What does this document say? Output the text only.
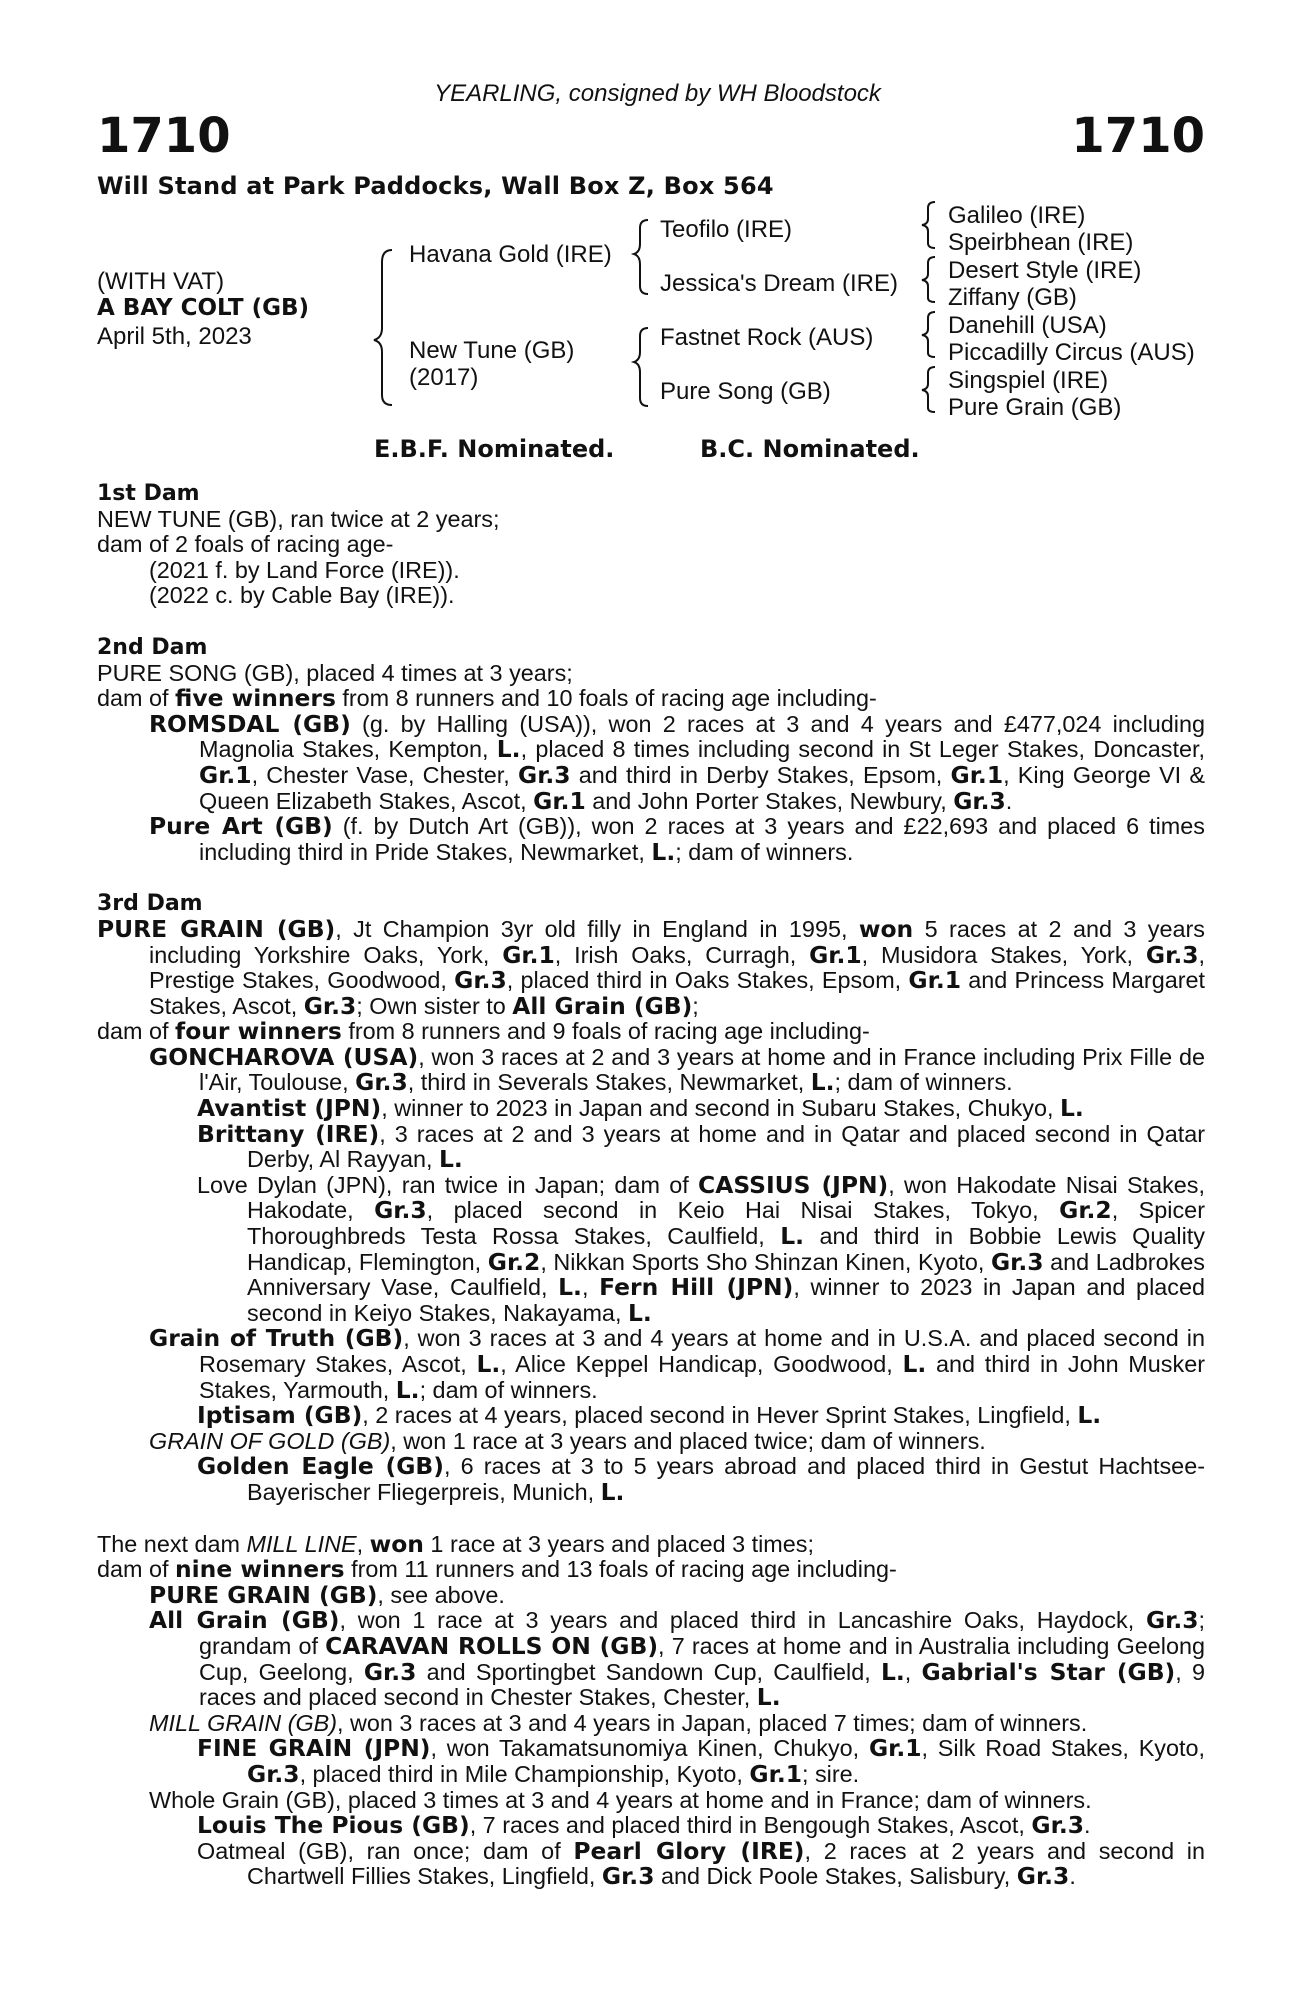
YEARLING, consigned by WH Bloodstock
1710	1710
Will Stand at Park Paddocks, Wall Box Z, Box 564
(WITH VAT)
A BAY COLT (GB)
April 5th, 2023
Havana Gold (IRE)
New Tune (GB)
(2017)
Teofilo (IRE)
Jessica's Dream (IRE)
Fastnet Rock (AUS)
Pure Song (GB)
Galileo (IRE)
Speirbhean (IRE)
Desert Style (IRE)
Ziffany (GB)
Danehill (USA)
Piccadilly Circus (AUS)
Singspiel (IRE)
Pure Grain (GB)
E.B.F. Nominated.	B.C. Nominated.
1st Dam
NEW TUNE (GB), ran twice at 2 years;
dam of 2 foals of racing age-
(2021 f. by Land Force (IRE)).
(2022 c. by Cable Bay (IRE)).
2nd Dam
PURE SONG (GB), placed 4 times at 3 years;
dam of five winners from 8 runners and 10 foals of racing age including-
ROMSDAL (GB) (g. by Halling (USA)), won 2 races at 3 and 4 years and £477,024 including Magnolia Stakes, Kempton, L., placed 8 times including second in St Leger Stakes, Doncaster, Gr.1, Chester Vase, Chester, Gr.3 and third in Derby Stakes, Epsom, Gr.1, King George VI & Queen Elizabeth Stakes, Ascot, Gr.1 and John Porter Stakes, Newbury, Gr.3.
Pure Art (GB) (f. by Dutch Art (GB)), won 2 races at 3 years and £22,693 and placed 6 times including third in Pride Stakes, Newmarket, L.; dam of winners.
3rd Dam
PURE GRAIN (GB), Jt Champion 3yr old filly in England in 1995, won 5 races at 2 and 3 years including Yorkshire Oaks, York, Gr.1, Irish Oaks, Curragh, Gr.1, Musidora Stakes, York, Gr.3, Prestige Stakes, Goodwood, Gr.3, placed third in Oaks Stakes, Epsom, Gr.1 and Princess Margaret Stakes, Ascot, Gr.3; Own sister to All Grain (GB);
dam of four winners from 8 runners and 9 foals of racing age including-
GONCHAROVA (USA), won 3 races at 2 and 3 years at home and in France including Prix Fille de l'Air, Toulouse, Gr.3, third in Severals Stakes, Newmarket, L.; dam of winners.
Avantist (JPN), winner to 2023 in Japan and second in Subaru Stakes, Chukyo, L.
Brittany (IRE), 3 races at 2 and 3 years at home and in Qatar and placed second in Qatar Derby, Al Rayyan, L.
Love Dylan (JPN), ran twice in Japan; dam of CASSIUS (JPN), won Hakodate Nisai Stakes, Hakodate, Gr.3, placed second in Keio Hai Nisai Stakes, Tokyo, Gr.2, Spicer Thoroughbreds Testa Rossa Stakes, Caulfield, L. and third in Bobbie Lewis Quality Handicap, Flemington, Gr.2, Nikkan Sports Sho Shinzan Kinen, Kyoto, Gr.3 and Ladbrokes Anniversary Vase, Caulfield, L., Fern Hill (JPN), winner to 2023 in Japan and placed second in Keiyo Stakes, Nakayama, L.
Grain of Truth (GB), won 3 races at 3 and 4 years at home and in U.S.A. and placed second in Rosemary Stakes, Ascot, L., Alice Keppel Handicap, Goodwood, L. and third in John Musker Stakes, Yarmouth, L.; dam of winners.
Iptisam (GB), 2 races at 4 years, placed second in Hever Sprint Stakes, Lingfield, L.
GRAIN OF GOLD (GB), won 1 race at 3 years and placed twice; dam of winners.
Golden Eagle (GB), 6 races at 3 to 5 years abroad and placed third in Gestut Hachtsee-Bayerischer Fliegerpreis, Munich, L.
The next dam MILL LINE, won 1 race at 3 years and placed 3 times;
dam of nine winners from 11 runners and 13 foals of racing age including-
PURE GRAIN (GB), see above.
All Grain (GB), won 1 race at 3 years and placed third in Lancashire Oaks, Haydock, Gr.3; grandam of CARAVAN ROLLS ON (GB), 7 races at home and in Australia including Geelong Cup, Geelong, Gr.3 and Sportingbet Sandown Cup, Caulfield, L., Gabrial's Star (GB), 9 races and placed second in Chester Stakes, Chester, L.
MILL GRAIN (GB), won 3 races at 3 and 4 years in Japan, placed 7 times; dam of winners.
FINE GRAIN (JPN), won Takamatsunomiya Kinen, Chukyo, Gr.1, Silk Road Stakes, Kyoto, Gr.3, placed third in Mile Championship, Kyoto, Gr.1; sire.
Whole Grain (GB), placed 3 times at 3 and 4 years at home and in France; dam of winners.
Louis The Pious (GB), 7 races and placed third in Bengough Stakes, Ascot, Gr.3.
Oatmeal (GB), ran once; dam of Pearl Glory (IRE), 2 races at 2 years and second in Chartwell Fillies Stakes, Lingfield, Gr.3 and Dick Poole Stakes, Salisbury, Gr.3.
